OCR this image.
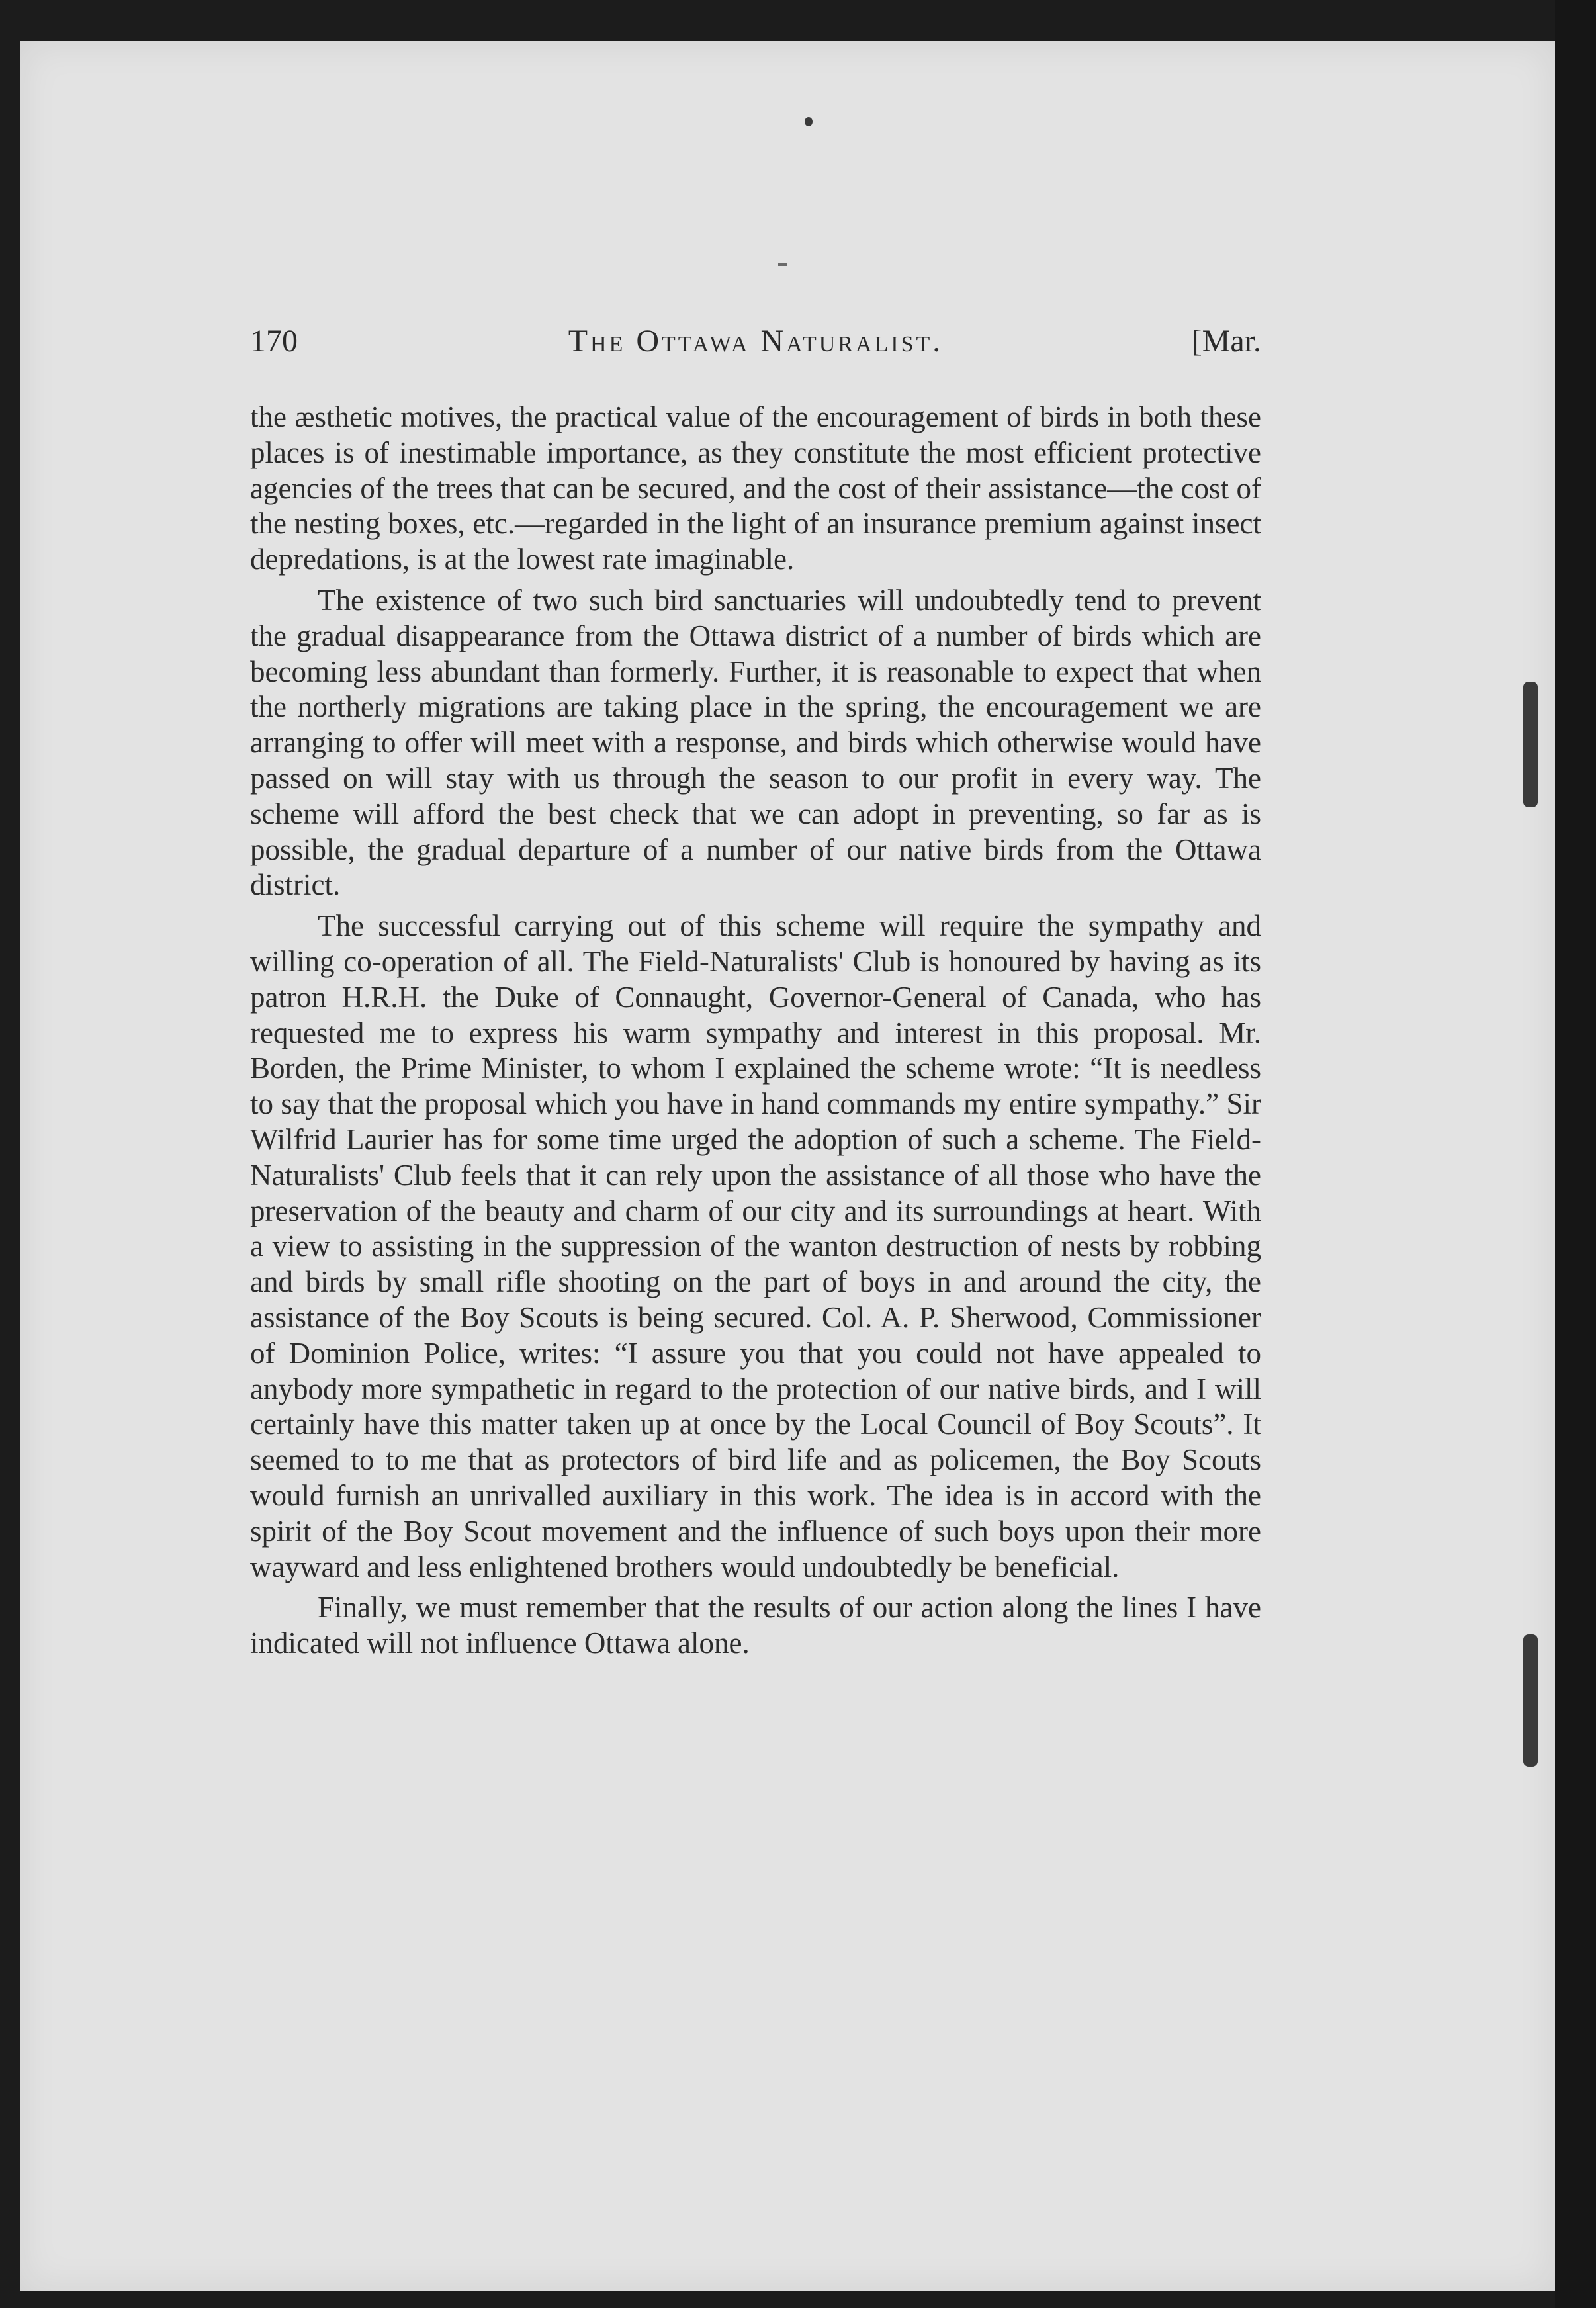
170	The Ottawa Naturalist.	[Mar.

the æsthetic motives, the practical value of the encouragement of birds in both these places is of inestimable importance, as they constitute the most efficient protective agencies of the trees that can be secured, and the cost of their assistance—the cost of the nesting boxes, etc.—regarded in the light of an insurance premium against insect depredations, is at the lowest rate imaginable.

The existence of two such bird sanctuaries will undoubtedly tend to prevent the gradual disappearance from the Ottawa district of a number of birds which are becoming less abundant than formerly. Further, it is reasonable to expect that when the northerly migrations are taking place in the spring, the encouragement we are arranging to offer will meet with a response, and birds which otherwise would have passed on will stay with us through the season to our profit in every way. The scheme will afford the best check that we can adopt in preventing, so far as is possible, the gradual departure of a number of our native birds from the Ottawa district.

The successful carrying out of this scheme will require the sympathy and willing co-operation of all. The Field-Naturalists' Club is honoured by having as its patron H.R.H. the Duke of Connaught, Governor-General of Canada, who has requested me to express his warm sympathy and interest in this proposal. Mr. Borden, the Prime Minister, to whom I explained the scheme wrote: “It is needless to say that the proposal which you have in hand commands my entire sympathy.” Sir Wilfrid Laurier has for some time urged the adoption of such a scheme. The Field-Naturalists' Club feels that it can rely upon the assistance of all those who have the preservation of the beauty and charm of our city and its surroundings at heart. With a view to assisting in the suppression of the wanton destruction of nests by robbing and birds by small rifle shooting on the part of boys in and around the city, the assistance of the Boy Scouts is being secured. Col. A. P. Sherwood, Commissioner of Dominion Police, writes: “I assure you that you could not have appealed to anybody more sympathetic in regard to the protection of our native birds, and I will certainly have this matter taken up at once by the Local Council of Boy Scouts”. It seemed to to me that as protectors of bird life and as policemen, the Boy Scouts would furnish an unrivalled auxiliary in this work. The idea is in accord with the spirit of the Boy Scout movement and the influence of such boys upon their more wayward and less enlightened brothers would undoubtedly be beneficial.

Finally, we must remember that the results of our action along the lines I have indicated will not influence Ottawa alone.
